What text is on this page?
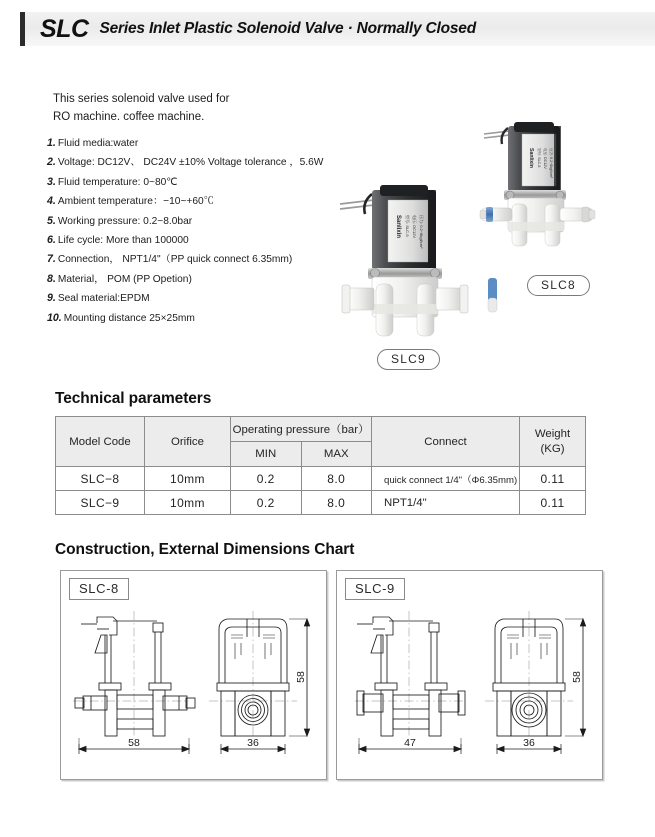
SLC Series Inlet Plastic Solenoid Valve · Normally Closed
This series solenoid valve used for
RO machine. coffee machine.
1. Fluid media:water
2. Voltage: DC12V、 DC24V ±10% Voltage tolerance ，5.6W
3. Fluid temperature: 0~80℃
4. Ambient temperature：−10~+60℃
5. Working pressure: 0.2~8.0bar
6. Life cycle: More than 100000
7. Connection， NPT1/4"（PP quick connect 6.35mm)
8. Material， POM (PP Opetion)
9. Seal material:EPDM
10. Mounting distance 25×25mm
Sanlixin 型号: SLC-8 电压: DC12V 压力: 0.2~8kgf/cm²
SLC8
Sanlixin 型号: SLC-9 电压: DC12V 压力: 0.2~8kgf/cm²
SLC9
Technical parameters
Model Code	Orifice	Operating pressure（bar）		Connect	Weight
(KG)

		MIN	MAX		
SLC−8	10mm	0.2	8.0	quick connect 1/4"（Φ6.35mm)	0.11
SLC−9	10mm	0.2	8.0	NPT1/4"	0.11
Construction, External Dimensions Chart
SLC-8
58	36
58
SLC-9
47	36
58
